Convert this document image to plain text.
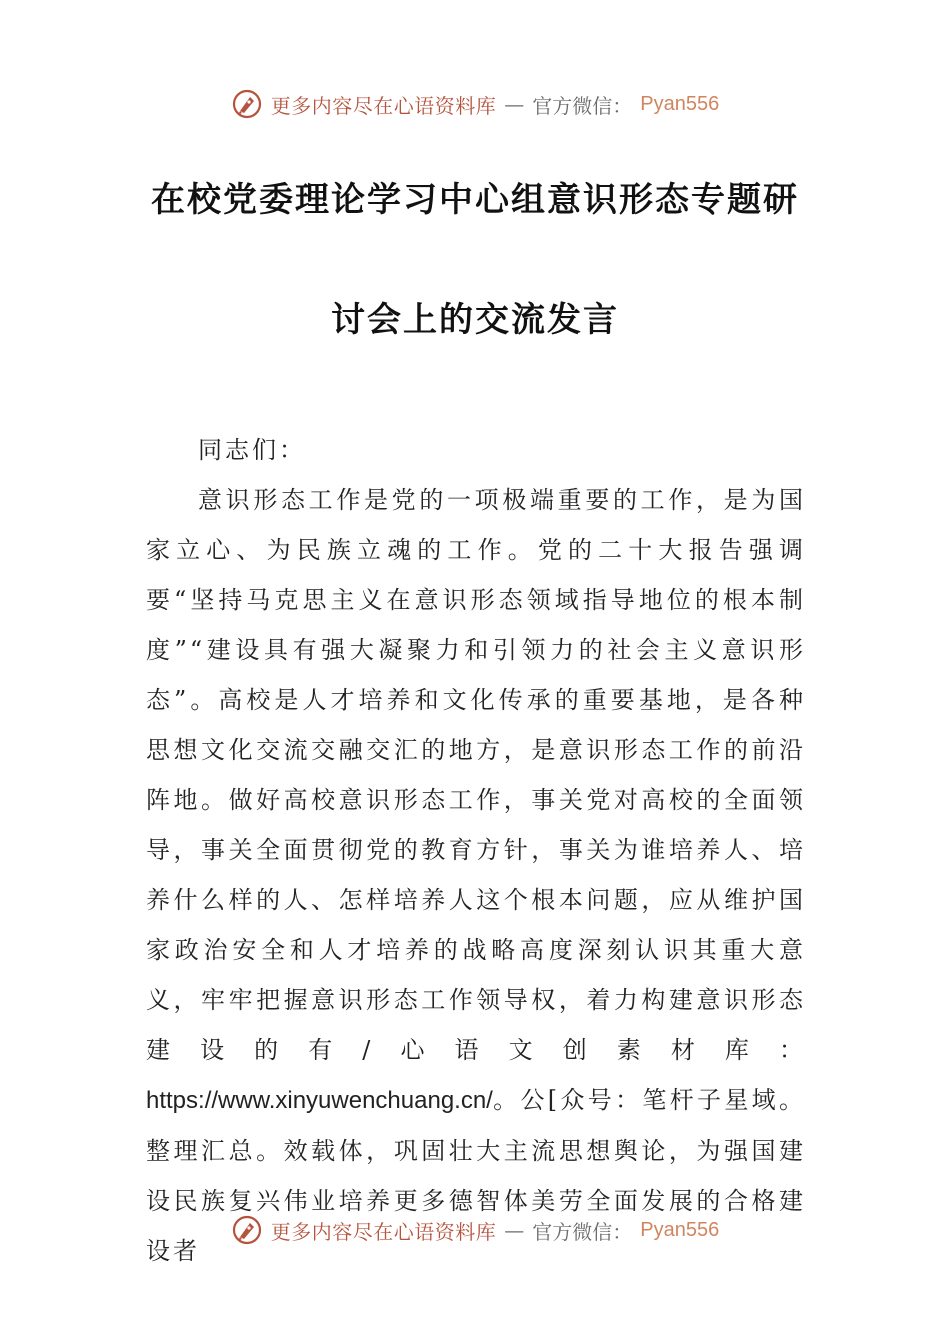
更多内容尽在心语资料库 — 官方微信： Pyan556
在校党委理论学习中心组意识形态专题研
讨会上的交流发言

同志们：

意识形态工作是党的一项极端重要的工作，是为国家立心、为民族立魂的工作。党的二十大报告强调要“坚持马克思主义在意识形态领域指导地位的根本制度”“建设具有强大凝聚力和引领力的社会主义意识形态”。高校是人才培养和文化传承的重要基地，是各种思想文化交流交融交汇的地方，是意识形态工作的前沿阵地。做好高校意识形态工作，事关党对高校的全面领导，事关全面贯彻党的教育方针，事关为谁培养人、培养什么样的人、怎样培养人这个根本问题，应从维护国家政治安全和人才培养的战略高度深刻认识其重大意义，牢牢把握意识形态工作领导权，着力构建意识形态建设的有/心语文创素材库：https://www.xinyuwenchuang.cn/。公[众号：笔杆子星域。整理汇总。效载体，巩固壮大主流思想舆论，为强国建设民族复兴伟业培养更多德智体美劳全面发展的合格建设者

更多内容尽在心语资料库 — 官方微信： Pyan556
